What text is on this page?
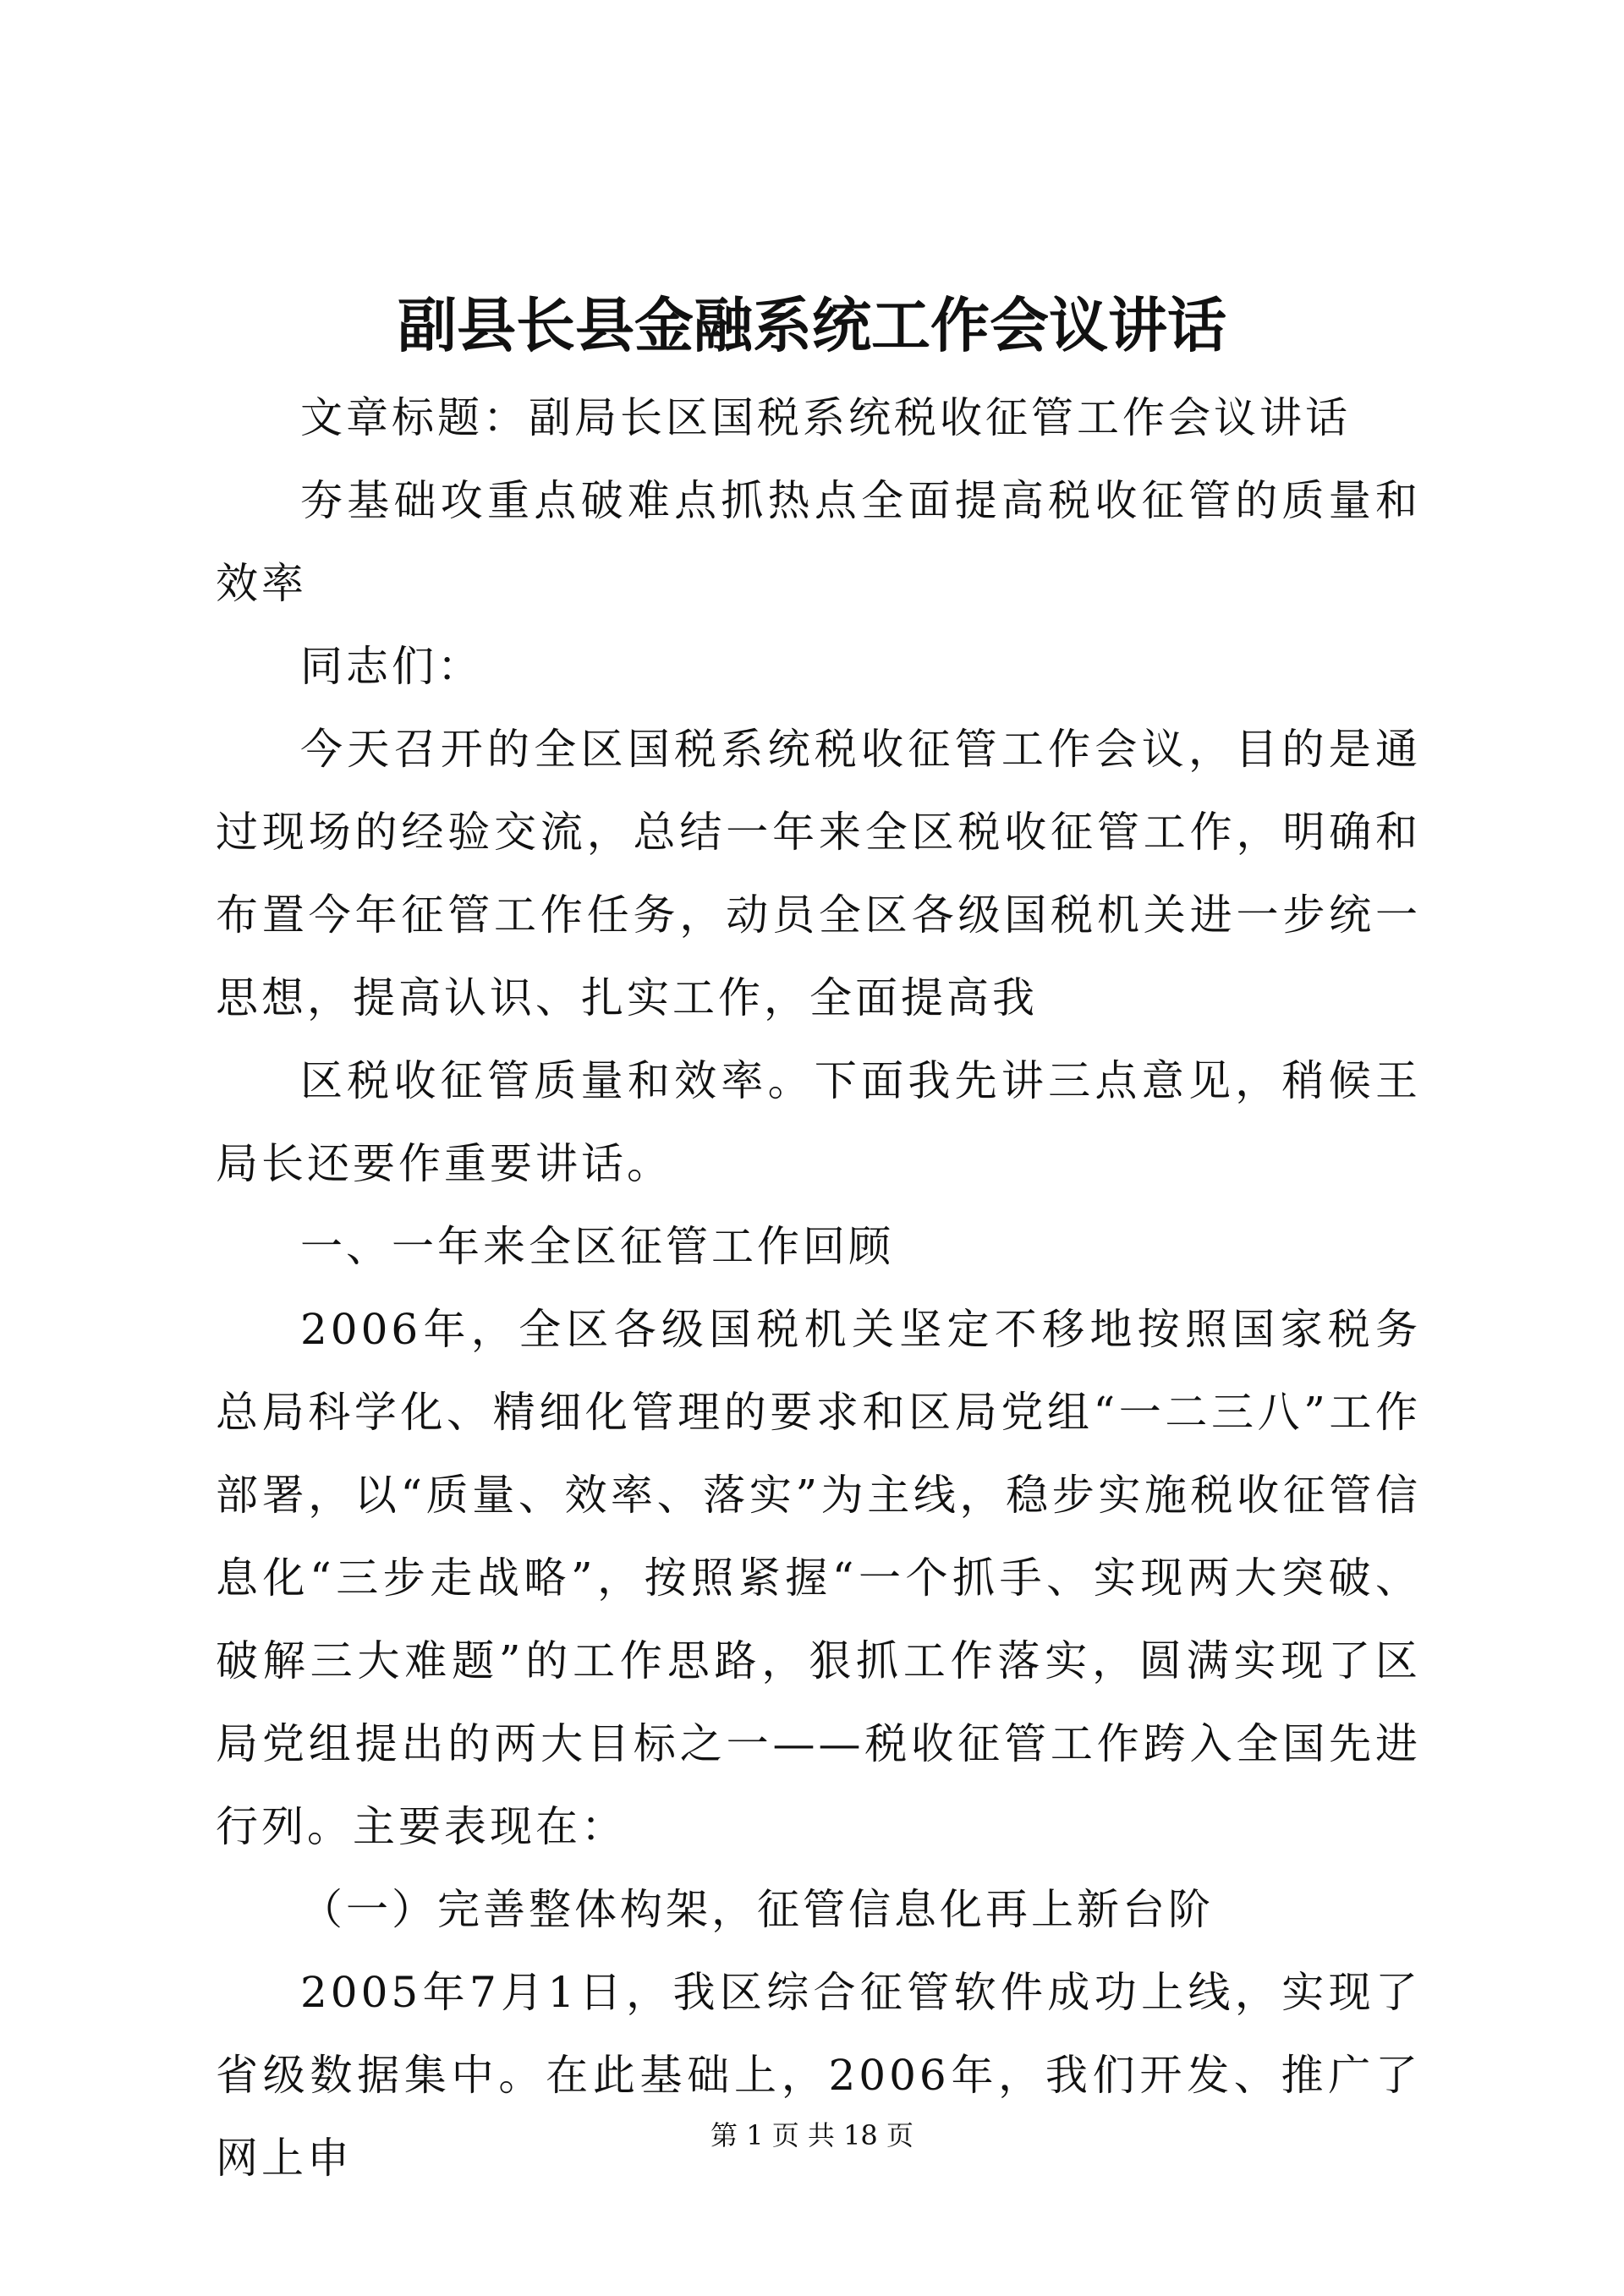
副县长县金融系统工作会议讲话

文章标题：副局长区国税系统税收征管工作会议讲话

夯基础攻重点破难点抓热点全面提高税收征管的质量和效率

同志们：

今天召开的全区国税系统税收征管工作会议，目的是通过现场的经验交流，总结一年来全区税收征管工作，明确和布置今年征管工作任务，动员全区各级国税机关进一步统一思想，提高认识、扎实工作，全面提高我

区税收征管质量和效率。下面我先讲三点意见，稍候王局长还要作重要讲话。

一、一年来全区征管工作回顾

2006年，全区各级国税机关坚定不移地按照国家税务总局科学化、精细化管理的要求和区局党组“一二三八”工作部署，以“质量、效率、落实”为主线，稳步实施税收征管信息化“三步走战略”，按照紧握“一个抓手、实现两大突破、破解三大难题”的工作思路，狠抓工作落实，圆满实现了区局党组提出的两大目标之一——税收征管工作跨入全国先进行列。主要表现在：

（一）完善整体构架，征管信息化再上新台阶

2005年7月1日，我区综合征管软件成功上线，实现了省级数据集中。在此基础上，2006年，我们开发、推广了网上申	第 1 页 共 18 页
